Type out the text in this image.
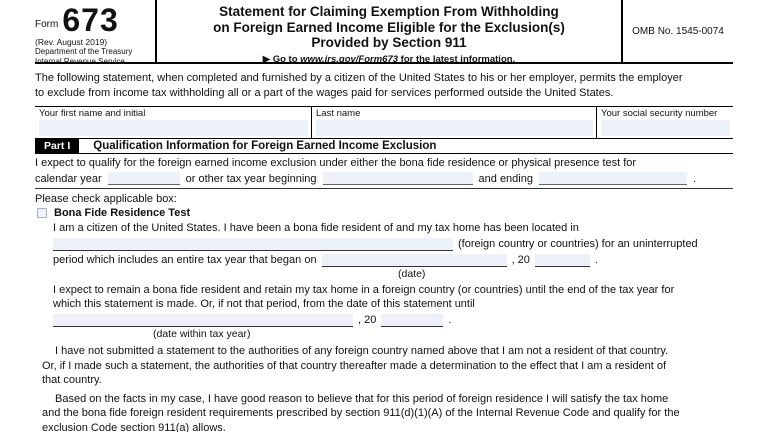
Form 673
(Rev. August 2019)
Department of the Treasury
Internal Revenue Service
Statement for Claiming Exemption From Withholding
on Foreign Earned Income Eligible for the Exclusion(s)
Provided by Section 911
▶ Go to www.irs.gov/Form673 for the latest information.
OMB No. 1545-0074
The following statement, when completed and furnished by a citizen of the United States to his or her employer, permits the employer
to exclude from income tax withholding all or a part of the wages paid for services performed outside the United States.
Your first name and initial	Last name	Your social security number
Part I	Qualification Information for Foreign Earned Income Exclusion
I expect to qualify for the foreign earned income exclusion under either the bona fide residence or physical presence test for
calendar year	or other tax year beginning	and ending	.
Please check applicable box:
Bona Fide Residence Test
I am a citizen of the United States. I have been a bona fide resident of and my tax home has been located in
(foreign country or countries) for an uninterrupted
period which includes an entire tax year that began on	, 20	.
(date)
I expect to remain a bona fide resident and retain my tax home in a foreign country (or countries) until the end of the tax year for
which this statement is made. Or, if not that period, from the date of this statement until
, 20	.
(date within tax year)
I have not submitted a statement to the authorities of any foreign country named above that I am not a resident of that country.
Or, if I made such a statement, the authorities of that country thereafter made a determination to the effect that I am a resident of
that country.
Based on the facts in my case, I have good reason to believe that for this period of foreign residence I will satisfy the tax home
and the bona fide foreign resident requirements prescribed by section 911(d)(1)(A) of the Internal Revenue Code and qualify for the
exclusion Code section 911(a) allows.
